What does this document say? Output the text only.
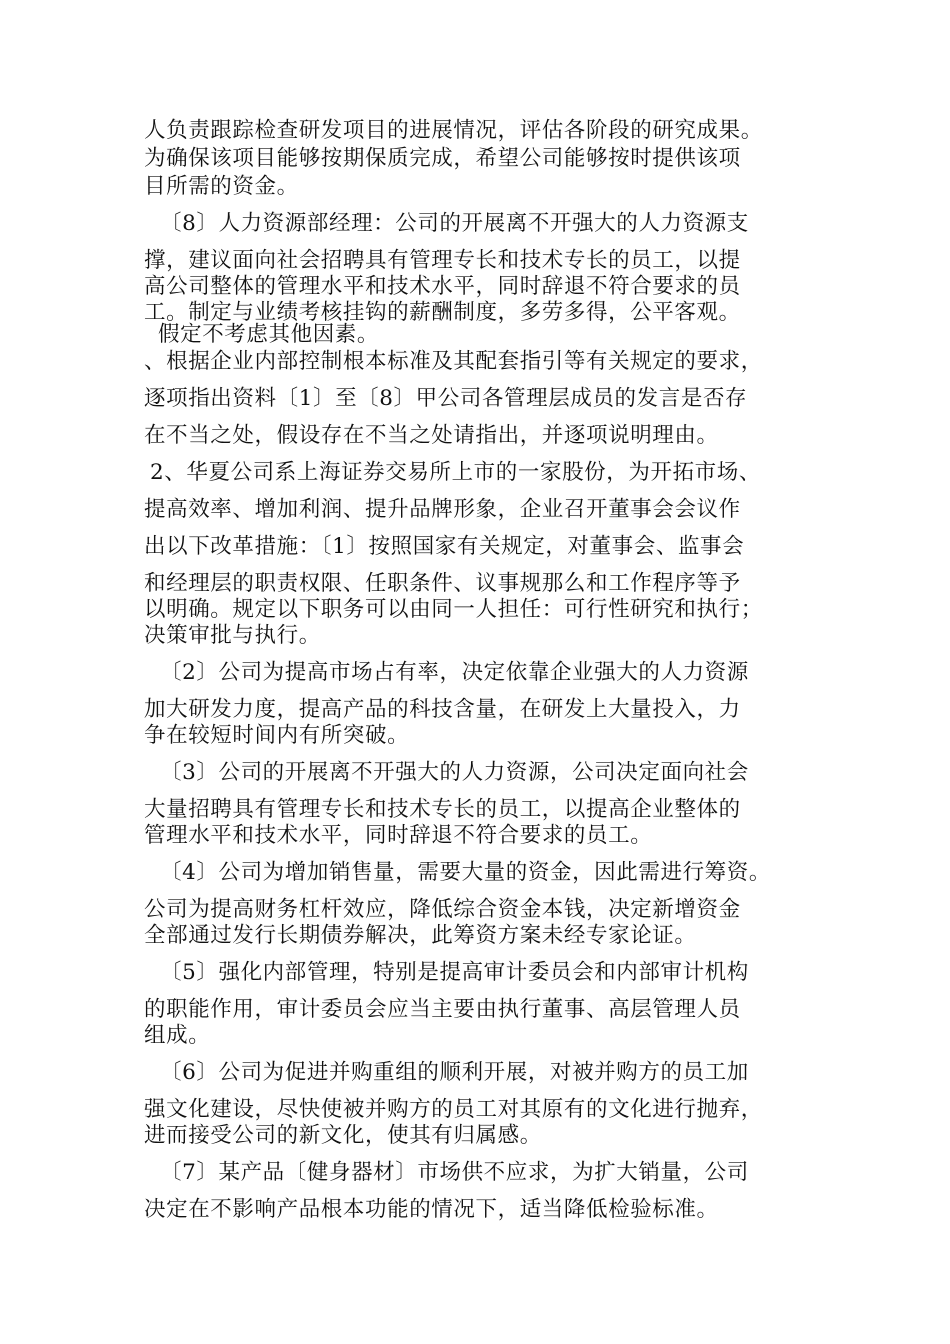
人负责跟踪检查研发项目的进展情况，评估各阶段的研究成果。
为确保该项目能够按期保质完成，希望公司能够按时提供该项
目所需的资金。
〔8〕人力资源部经理：公司的开展离不开强大的人力资源支
撑，建议面向社会招聘具有管理专长和技术专长的员工，以提
高公司整体的管理水平和技术水平，同时辞退不符合要求的员
工。制定与业绩考核挂钩的薪酬制度，多劳多得，公平客观。
假定不考虑其他因素。
、根据企业内部控制根本标准及其配套指引等有关规定的要求，
逐项指出资料〔1〕至〔8〕甲公司各管理层成员的发言是否存
在不当之处，假设存在不当之处请指出，并逐项说明理由。
2、华夏公司系上海证券交易所上市的一家股份，为开拓市场、
提高效率、增加利润、提升品牌形象，企业召开董事会会议作
出以下改革措施：〔1〕按照国家有关规定，对董事会、监事会
和经理层的职责权限、任职条件、议事规那么和工作程序等予
以明确。规定以下职务可以由同一人担任：可行性研究和执行；
决策审批与执行。
〔2〕公司为提高市场占有率，决定依靠企业强大的人力资源
加大研发力度，提高产品的科技含量，在研发上大量投入，力
争在较短时间内有所突破。
〔3〕公司的开展离不开强大的人力资源，公司决定面向社会
大量招聘具有管理专长和技术专长的员工，以提高企业整体的
管理水平和技术水平，同时辞退不符合要求的员工。
〔4〕公司为增加销售量，需要大量的资金，因此需进行筹资。
公司为提高财务杠杆效应，降低综合资金本钱，决定新增资金
全部通过发行长期债券解决，此筹资方案未经专家论证。
〔5〕强化内部管理，特别是提高审计委员会和内部审计机构
的职能作用，审计委员会应当主要由执行董事、高层管理人员
组成。
〔6〕公司为促进并购重组的顺利开展，对被并购方的员工加
强文化建设，尽快使被并购方的员工对其原有的文化进行抛弃，
进而接受公司的新文化，使其有归属感。
〔7〕某产品〔健身器材〕市场供不应求，为扩大销量，公司
决定在不影响产品根本功能的情况下，适当降低检验标准。
